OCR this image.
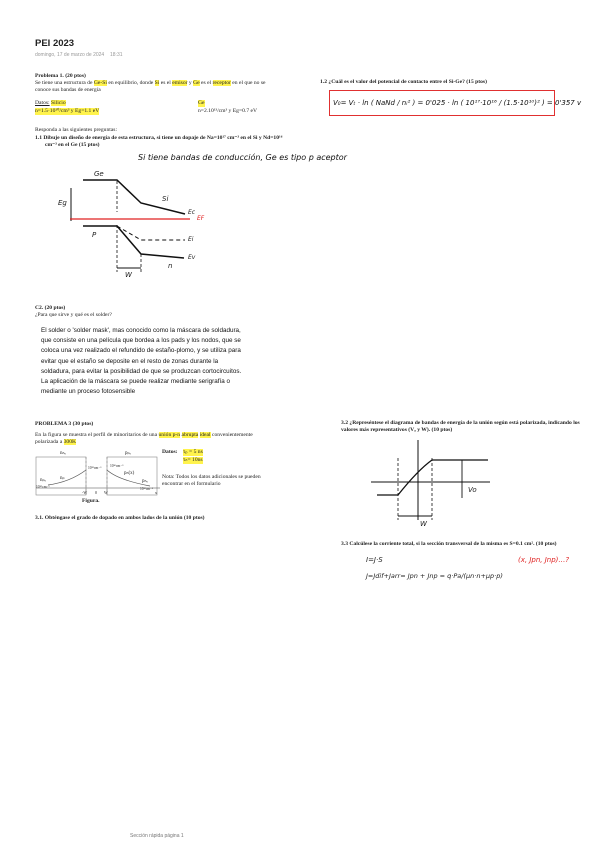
PEI 2023
domingo, 17 de marzo de 2024 18:31
Problema 1. (20 ptos)
Se tiene una estructura de Ge-Si en equilibrio, donde Si es el emisor y Ge es el receptor en el que no se
conoce sus bandas de energía
Datos: Silicio
n=1.5·10¹⁰/cm³ y Eg=1.1 eV
Ge
n=2.10¹³/cm³ y Eg=0.7 eV
Responda a las siguientes preguntas:
1.1 Dibuje un diseño de energía de esta estructura, si tiene un dopaje de Na=10¹⁷ cm⁻³ en el Si y Nd=10¹⁶
cm⁻³ en el Ge (15 ptos)
1.2 ¿Cuál es el valor del potencial de contacto entre el Si-Ge? (15 ptos)
V₀= Vₜ · ln ( NaNd / nᵢ² ) = 0'025 · ln ( 10¹⁷·10¹⁶ / (1.5·10¹⁰)² ) = 0'357 v
Si tiene bandas de conducción, Ge es tipo p aceptor
Ge
Si
Eg
P
n
Ec
EF
Ei
Ev
W
C2. (20 ptos)
¿Para que sirve y qué es el solder?
El solder o 'solder mask', mas conocido como la máscara de soldadura,
que consiste en una película que bordea a los pads y los nodos, que se
coloca una vez realizado el refundido de estaño-plomo, y se utiliza para
evitar que el estaño se deposite en el resto de zonas durante la
soldadura, para evitar la posibilidad de que se produzcan cortocircuitos.
La aplicación de la máscara se puede realizar mediante serigrafía o
mediante un proceso fotosensible
PROBLEMA 3 (30 ptos)
En la figura se muestra el perfil de minoritarios de una unión p-n abrupta ideal convenientemente
polarizada a 300K
nₙₒ	pₚₒ
10¹⁵cm⁻³ 10¹⁶cm⁻³
nₚ
pₙ(x)
nₚₒ	pₙₒ
10¹⁰cm⁻³	10¹²cm⁻³
-W 0 W	x
Figura.
Datos: τₚ = 5 ns
τₙ= 10ns
Nota: Todos los datos adicionales se pueden encontrar en el formulario
3.1. Obténgase el grado de dopado en ambos lados de la unión (10 ptos)
3.2 ¿Represéntese el diagrama de bandas de energía de la unión según está polarizada, indicando los valores más representativos (Vₐ y W). (10 ptos)
Vo
W
3.3 Calcúlese la corriente total, si la sección transversal de la misma es S=0.1 cm². (10 ptos)
I=J·S
J=Jdif+Jarr= Jpn + Jnp = q·Pa/(μn·n+μp·p)
(x, Jpn, Jnp)…?
Sección rápida página 1
